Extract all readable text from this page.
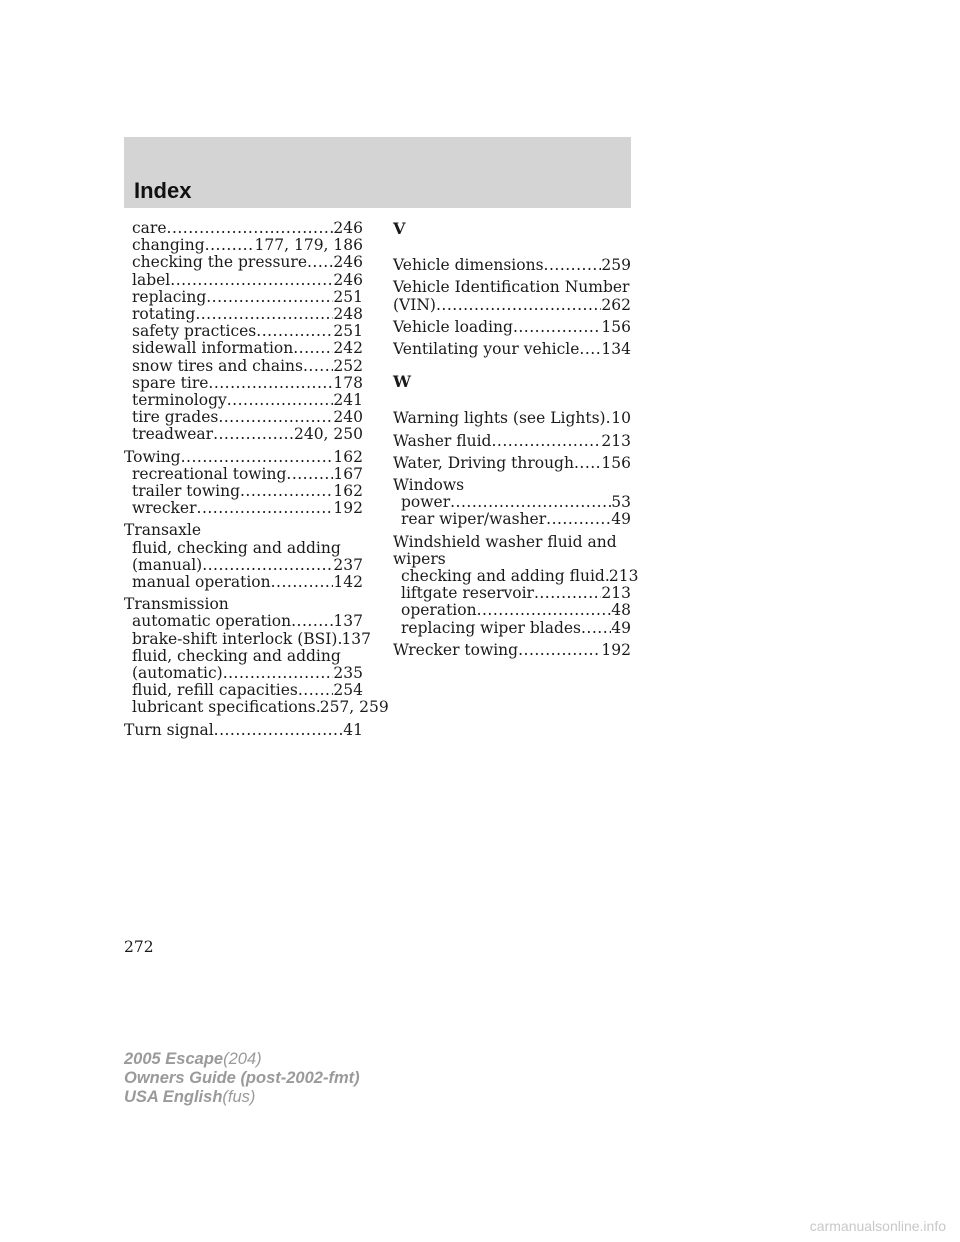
Index
care .....	246
changing .....	177, 179, 186
checking the pressure ..... 246
label .....	246
replacing .....	251
rotating .....	248
safety practices .....	251
sidewall information .....	242
snow tires and chains ..... 252
spare tire .....	178
terminology .....	241
tire grades .....	240
treadwear .....	240, 250
Towing .....	162
recreational towing .....	167
trailer towing .....	162
wrecker .....	192
Transaxle
fluid, checking and adding
(manual) .....	237
manual operation .....	142
Transmission
automatic operation .....	137
brake-shift interlock (BSI) ..... 137
fluid, checking and adding
(automatic) .....	235
fluid, refill capacities ..... 254
lubricant specifications ..... 257, 259
Turn signal .....	41
V
Vehicle dimensions .....	259
Vehicle Identification Number
(VIN) .....	262
Vehicle loading .....	156
Ventilating your vehicle ..... 134
W
Warning lights (see Lights) ..... 10
Washer fluid .....	213
Water, Driving through ..... 156
Windows
power .....	53
rear wiper/washer .....	49
Windshield washer fluid and
wipers
checking and adding fluid ..... 213
liftgate reservoir .....	213
operation .....	48
replacing wiper blades ..... 49
Wrecker towing .....	192
272
2005 Escape(204)
Owners Guide (post-2002-fmt)
USA English(fus)
carmanualsonline.info
